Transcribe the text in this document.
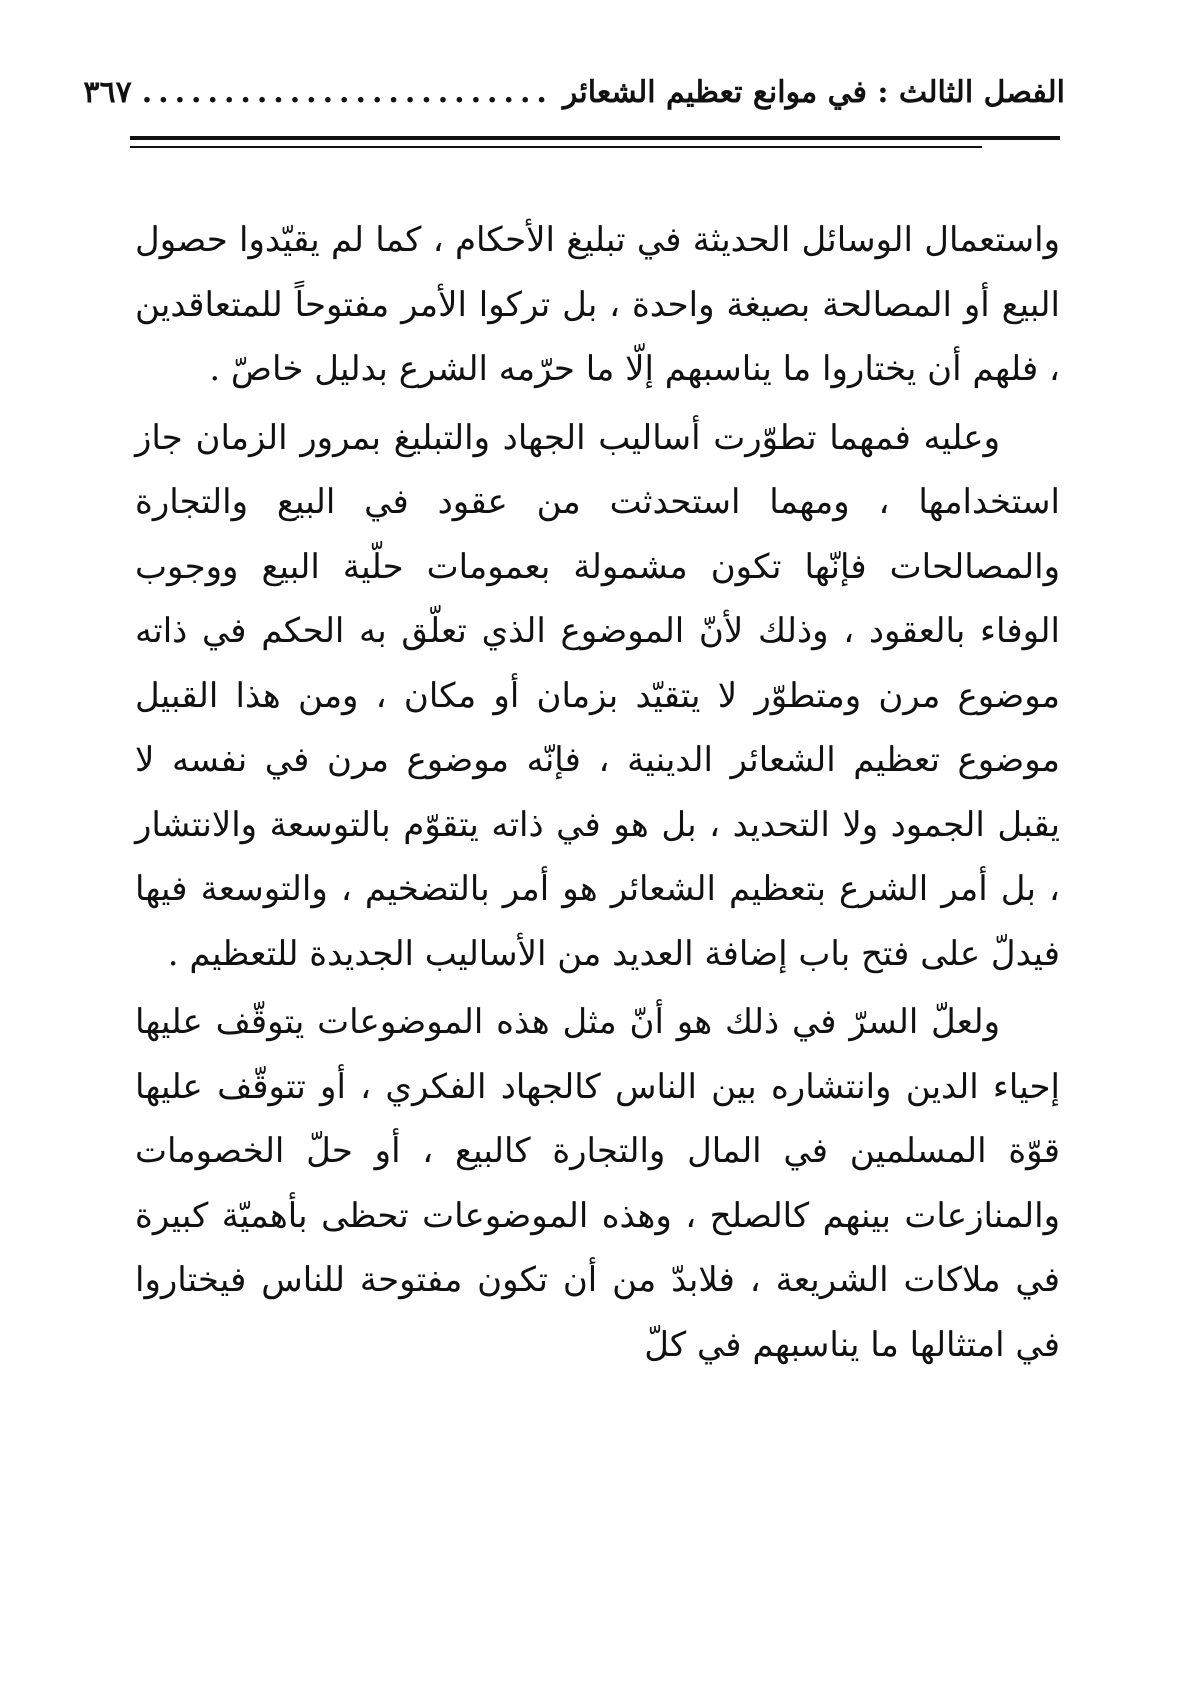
الفصل الثالث : في موانع تعظيم الشعائر
.........................
٣٦٧

واستعمال الوسائل الحديثة في تبليغ الأحكام ، كما لم يقيّدوا حصول البيع أو المصالحة بصيغة واحدة ، بل تركوا الأمر مفتوحاً للمتعاقدين ، فلهم أن يختاروا ما يناسبهم إلّا ما حرّمه الشرع بدليل خاصّ .

وعليه فمهما تطوّرت أساليب الجهاد والتبليغ بمرور الزمان جاز استخدامها ، ومهما استحدثت من عقود في البيع والتجارة والمصالحات فإنّها تكون مشمولة بعمومات حلّية البيع ووجوب الوفاء بالعقود ، وذلك لأنّ الموضوع الذي تعلّق به الحكم في ذاته موضوع مرن ومتطوّر لا يتقيّد بزمان أو مكان ، ومن هذا القبيل موضوع تعظيم الشعائر الدينية ، فإنّه موضوع مرن في نفسه لا يقبل الجمود ولا التحديد ، بل هو في ذاته يتقوّم بالتوسعة والانتشار ، بل أمر الشرع بتعظيم الشعائر هو أمر بالتضخيم ، والتوسعة فيها فيدلّ على فتح باب إضافة العديد من الأساليب الجديدة للتعظيم .

ولعلّ السرّ في ذلك هو أنّ مثل هذه الموضوعات يتوقّف عليها إحياء الدين وانتشاره بين الناس كالجهاد الفكري ، أو تتوقّف عليها قوّة المسلمين في المال والتجارة كالبيع ، أو حلّ الخصومات والمنازعات بينهم كالصلح ، وهذه الموضوعات تحظى بأهميّة كبيرة في ملاكات الشريعة ، فلابدّ من أن تكون مفتوحة للناس فيختاروا في امتثالها ما يناسبهم في كلّ
